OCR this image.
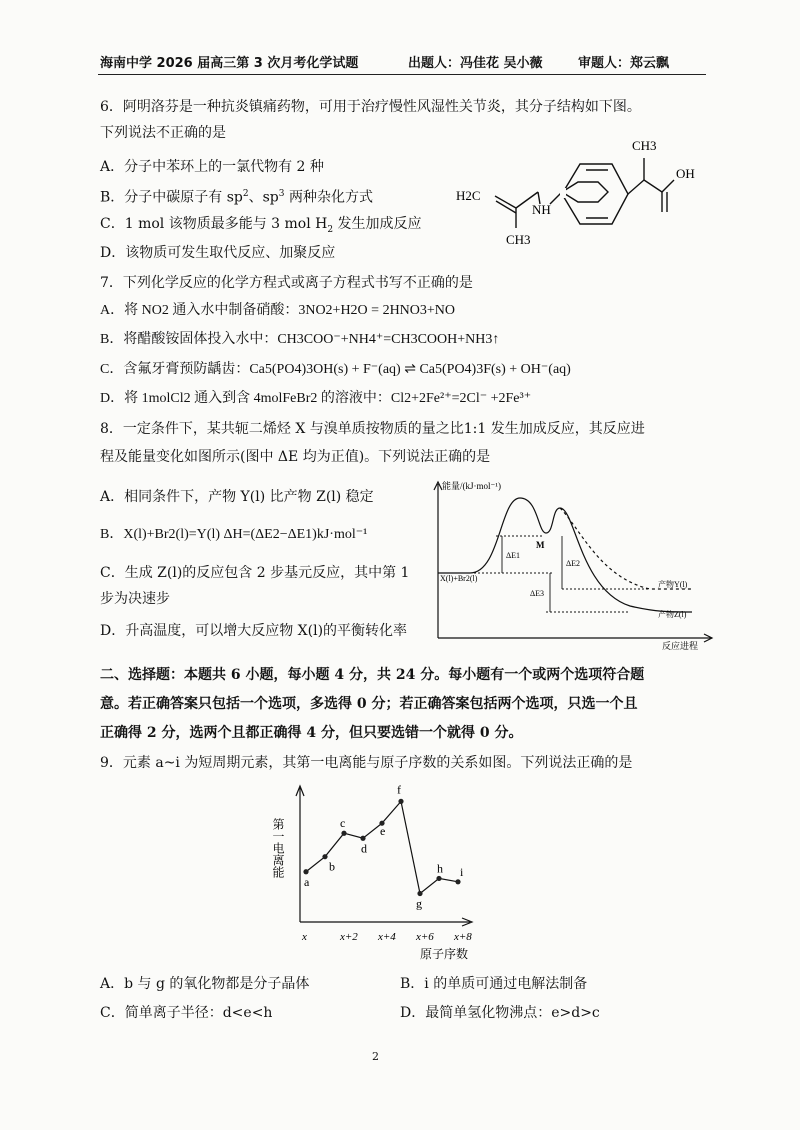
海南中学 2026 届高三第 3 次月考化学试题	出题人：冯佳花 吴小薇	审题人：郑云飘
6．阿明洛芬是一种抗炎镇痛药物，可用于治疗慢性风湿性关节炎，其分子结构如下图。
下列说法不正确的是
A．分子中苯环上的一氯代物有 2 种
B．分子中碳原子有 $sp^2$、$sp^3$ 两种杂化方式
C．1 mol 该物质最多能与 3 mol $H_2$ 发生加成反应
D．该物质可发生取代反应、加聚反应
CH3
OH
H2C
NH
CH3
7．下列化学反应的化学方程式或离子方程式书写不正确的是
A．将 NO2 通入水中制备硝酸：3NO2+H2O = 2HNO3+NO
B．将醋酸铵固体投入水中：CH3COO⁻+NH4⁺=CH3COOH+NH3↑
C．含氟牙膏预防龋齿：Ca5(PO4)3OH(s) + F⁻(aq) ⇌ Ca5(PO4)3F(s) + OH⁻(aq)
D．将 1molCl2 通入到含 4molFeBr2 的溶液中：Cl2+2Fe²⁺=2Cl⁻ +2Fe³⁺
8．一定条件下，某共轭二烯烃 X 与溴单质按物质的量之比1:1 发生加成反应，其反应进
程及能量变化如图所示(图中 ΔE 均为正值)。下列说法正确的是
A．相同条件下，产物 Y(l) 比产物 Z(l) 稳定
B．X(l)+Br2(l)=Y(l) ΔH=(ΔE2−ΔE1)kJ·mol⁻¹
C．生成 Z(l)的反应包含 2 步基元反应，其中第 1
步为决速步
D．升高温度，可以增大反应物 X(l)的平衡转化率
能量/(kJ·mol⁻¹)
反应进程
X(l)+Br2(l)
M
ΔE1
ΔE2
ΔE3
产物Y(l)
产物Z(l)
二、选择题：本题共 6 小题，每小题 4 分，共 24 分。每小题有一个或两个选项符合题
意。若正确答案只包括一个选项，多选得 0 分；若正确答案包括两个选项，只选一个且
正确得 2 分，选两个且都正确得 4 分，但只要选错一个就得 0 分。
9．元素 a~i 为短周期元素，其第一电离能与原子序数的关系如图。下列说法正确的是
第一电离能
a
b
c
d
e
f
g
h i
x	x+2 x+4 x+6 x+8
原子序数
A．b 与 g 的氧化物都是分子晶体	B．i 的单质可通过电解法制备
C．简单离子半径：d<e<h	D．最简单氢化物沸点：e>d>c
2
